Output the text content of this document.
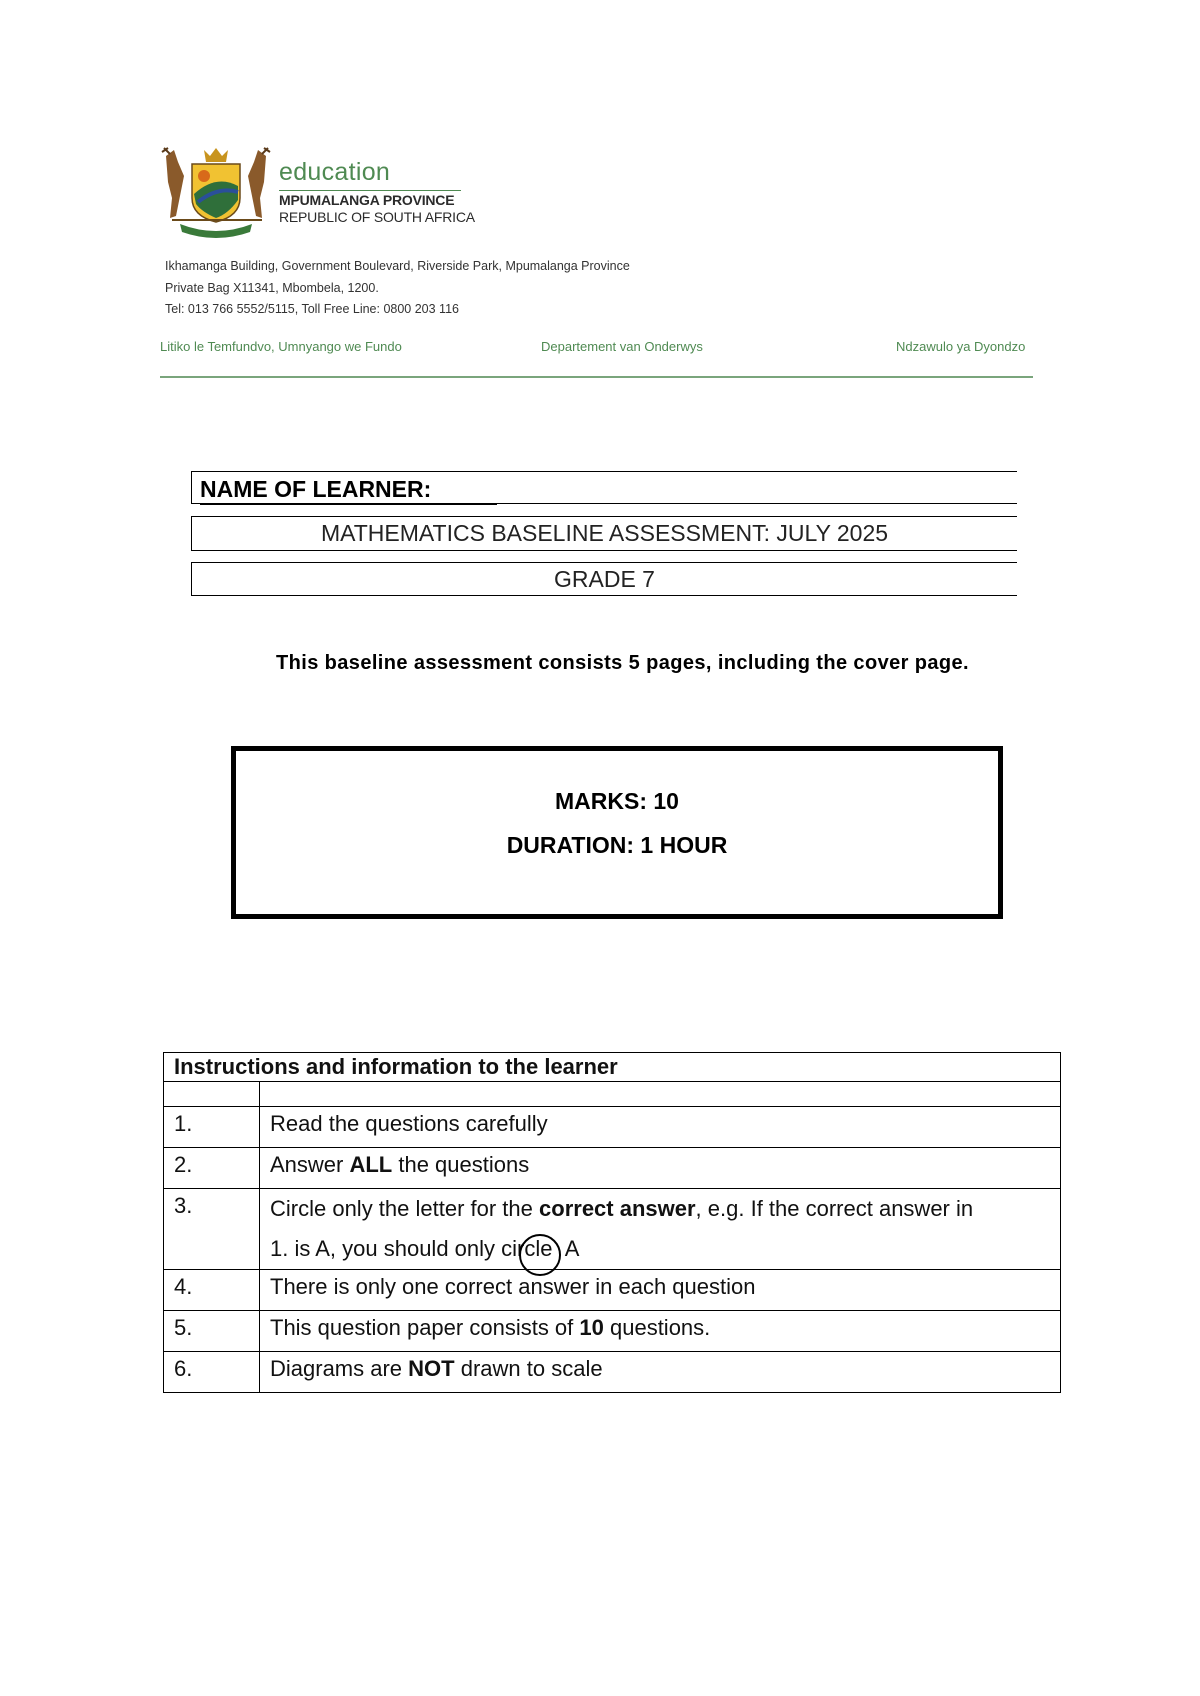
education
MPUMALANGA PROVINCE
REPUBLIC OF SOUTH AFRICA
Ikhamanga Building, Government Boulevard, Riverside Park, Mpumalanga Province
Private Bag X11341, Mbombela, 1200.
Tel: 013 766 5552/5115, Toll Free Line: 0800 203 116
Litiko le Temfundvo, Umnyango we Fundo	Departement van Onderwys	Ndzawulo ya Dyondzo
NAME OF LEARNER:
MATHEMATICS BASELINE ASSESSMENT: JULY 2025
GRADE 7
This baseline assessment consists 5 pages, including the cover page.
MARKS: 10
DURATION: 1 HOUR
Instructions and information to the learner	

1.	Read the questions carefully
2.	Answer ALL the questions
3.	Circle only the letter for the correct answer, e.g. If the correct answer in
1. is A, you should only circle A
4.	There is only one correct answer in each question
5.	This question paper consists of 10 questions.
6.	Diagrams are NOT drawn to scale
